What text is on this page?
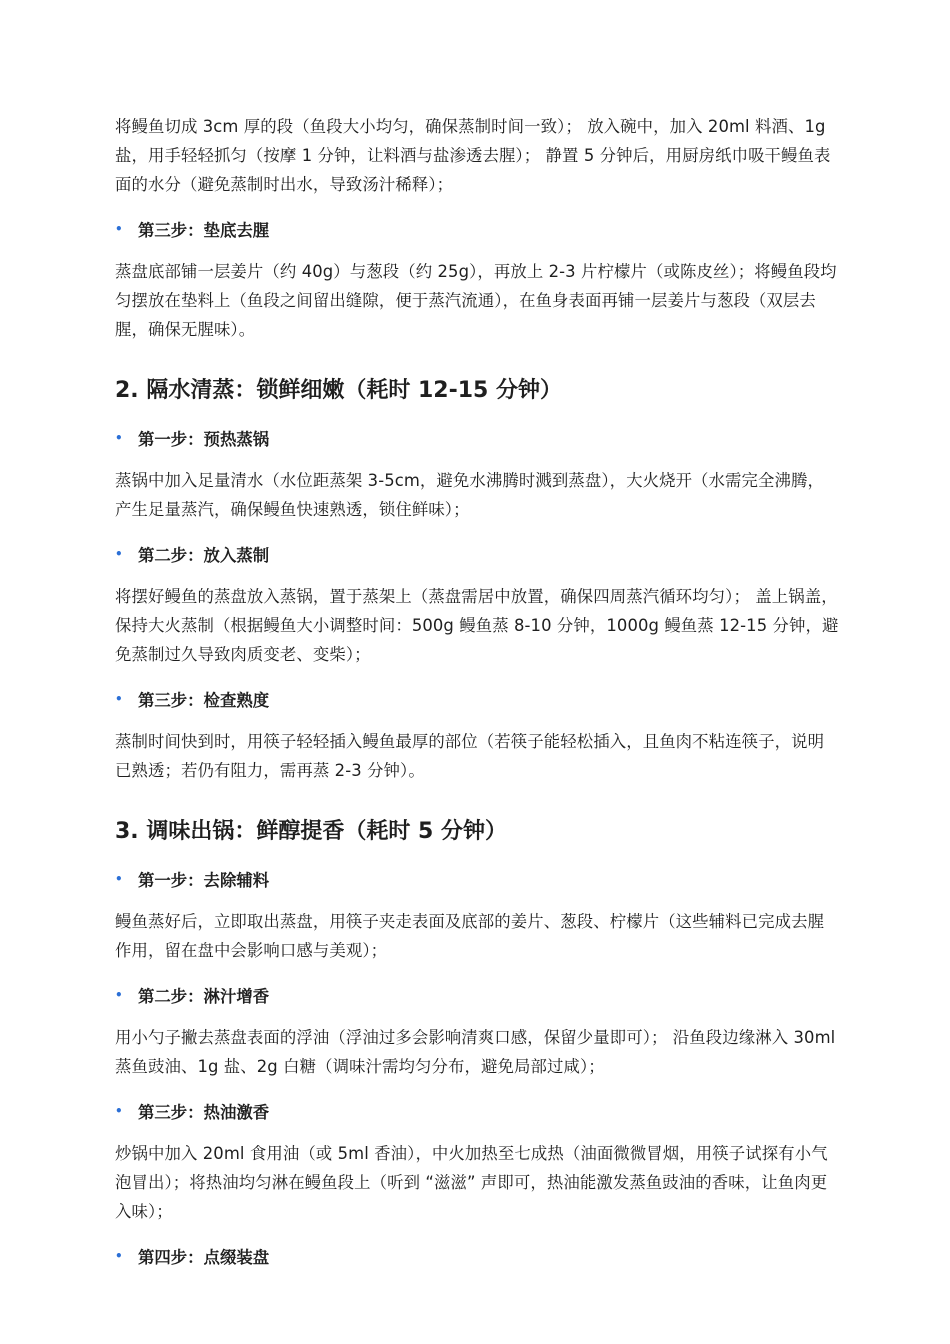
将鳗鱼切成 3cm 厚的段（鱼段大小均匀，确保蒸制时间一致）； 放入碗中，加入 20ml 料酒、1g 盐，用手轻轻抓匀（按摩 1 分钟，让料酒与盐渗透去腥）； 静置 5 分钟后，用厨房纸巾吸干鳗鱼表面的水分（避免蒸制时出水，导致汤汁稀释）；

• 第三步：垫底去腥

蒸盘底部铺一层姜片（约 40g）与葱段（约 25g），再放上 2-3 片柠檬片（或陈皮丝）；将鳗鱼段均匀摆放在垫料上（鱼段之间留出缝隙，便于蒸汽流通），在鱼身表面再铺一层姜片与葱段（双层去腥，确保无腥味）。

2. 隔水清蒸：锁鲜细嫩（耗时 12-15 分钟）
• 第一步：预热蒸锅

蒸锅中加入足量清水（水位距蒸架 3-5cm，避免水沸腾时溅到蒸盘），大火烧开（水需完全沸腾，产生足量蒸汽，确保鳗鱼快速熟透，锁住鲜味）；

• 第二步：放入蒸制

将摆好鳗鱼的蒸盘放入蒸锅，置于蒸架上（蒸盘需居中放置，确保四周蒸汽循环均匀）； 盖上锅盖，保持大火蒸制（根据鳗鱼大小调整时间：500g 鳗鱼蒸 8-10 分钟，1000g 鳗鱼蒸 12-15 分钟，避免蒸制过久导致肉质变老、变柴）；

• 第三步：检查熟度

蒸制时间快到时，用筷子轻轻插入鳗鱼最厚的部位（若筷子能轻松插入，且鱼肉不粘连筷子，说明已熟透；若仍有阻力，需再蒸 2-3 分钟）。

3. 调味出锅：鲜醇提香（耗时 5 分钟）
• 第一步：去除辅料

鳗鱼蒸好后，立即取出蒸盘，用筷子夹走表面及底部的姜片、葱段、柠檬片（这些辅料已完成去腥作用，留在盘中会影响口感与美观）；

• 第二步：淋汁增香

用小勺子撇去蒸盘表面的浮油（浮油过多会影响清爽口感，保留少量即可）； 沿鱼段边缘淋入 30ml 蒸鱼豉油、1g 盐、2g 白糖（调味汁需均匀分布，避免局部过咸）；

• 第三步：热油激香

炒锅中加入 20ml 食用油（或 5ml 香油），中火加热至七成热（油面微微冒烟，用筷子试探有小气泡冒出）；将热油均匀淋在鳗鱼段上（听到 “滋滋” 声即可，热油能激发蒸鱼豉油的香味，让鱼肉更入味）；

• 第四步：点缀装盘
